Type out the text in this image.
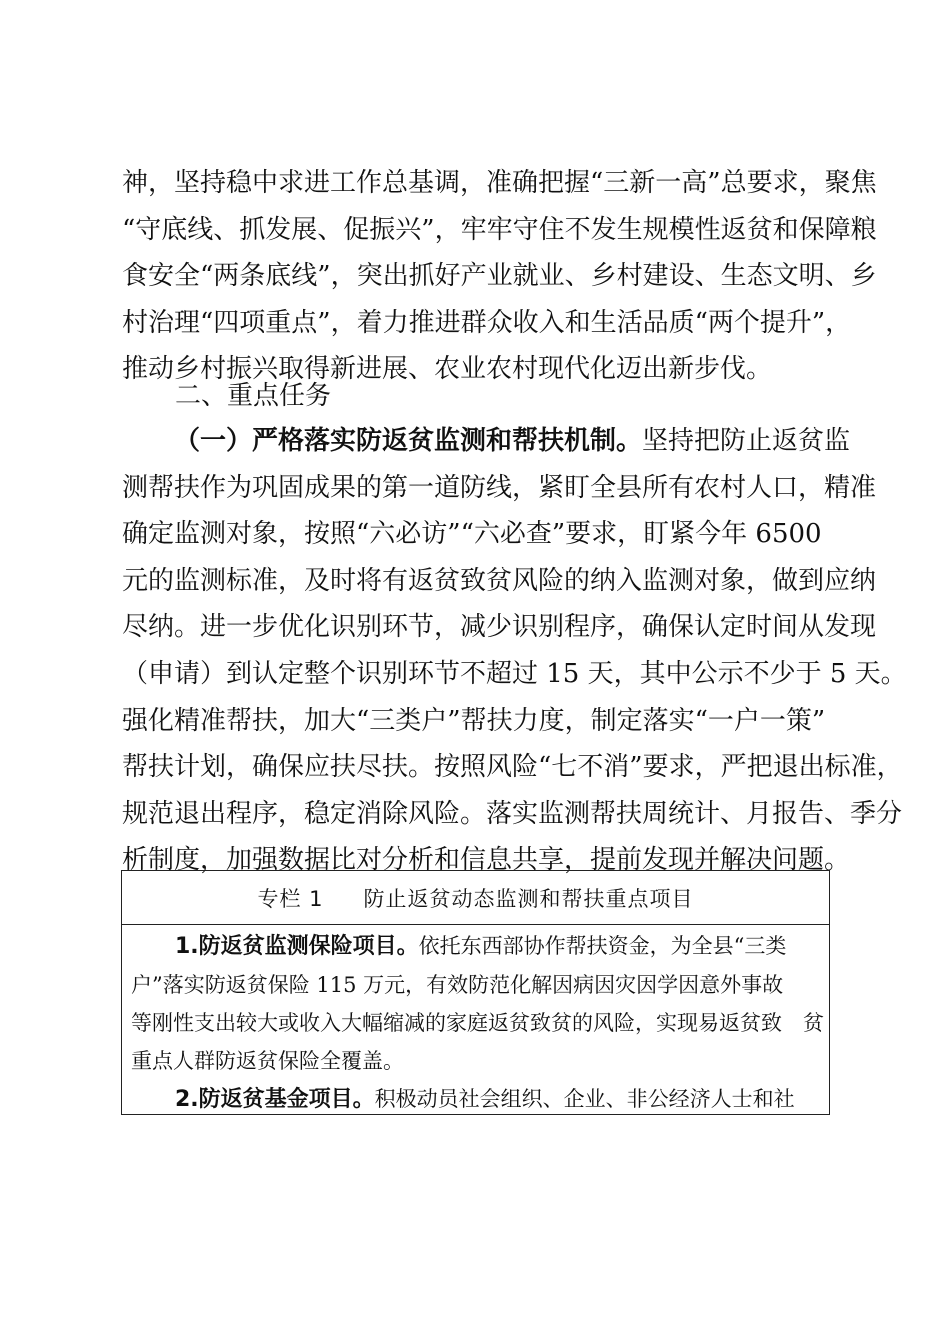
神，坚持稳中求进工作总基调，准确把握“三新一高”总要求，聚焦
“守底线、抓发展、促振兴”，牢牢守住不发生规模性返贫和保障粮
食安全“两条底线”，突出抓好产业就业、乡村建设、生态文明、乡
村治理“四项重点”，着力推进群众收入和生活品质“两个提升”，
推动乡村振兴取得新进展、农业农村现代化迈出新步伐。
二、重点任务
（一）严格落实防返贫监测和帮扶机制。坚持把防止返贫监
测帮扶作为巩固成果的第一道防线，紧盯全县所有农村人口，精准
确定监测对象，按照“六必访”“六必查”要求，盯紧今年 6500
元的监测标准，及时将有返贫致贫风险的纳入监测对象，做到应纳
尽纳。进一步优化识别环节，减少识别程序，确保认定时间从发现
（申请）到认定整个识别环节不超过 15 天，其中公示不少于 5 天。
强化精准帮扶，加大“三类户”帮扶力度，制定落实“一户一策”
帮扶计划，确保应扶尽扶。按照风险“七不消”要求，严把退出标准，
规范退出程序，稳定消除风险。落实监测帮扶周统计、月报告、季分
析制度，加强数据比对分析和信息共享，提前发现并解决问题。
专栏 1 防止返贫动态监测和帮扶重点项目
1.防返贫监测保险项目。依托东西部协作帮扶资金，为全县“三类
户”落实防返贫保险 115 万元，有效防范化解因病因灾因学因意外事故
等刚性支出较大或收入大幅缩减的家庭返贫致贫的风险，实现易返贫致　贫
重点人群防返贫保险全覆盖。
2.防返贫基金项目。积极动员社会组织、企业、非公经济人士和社
